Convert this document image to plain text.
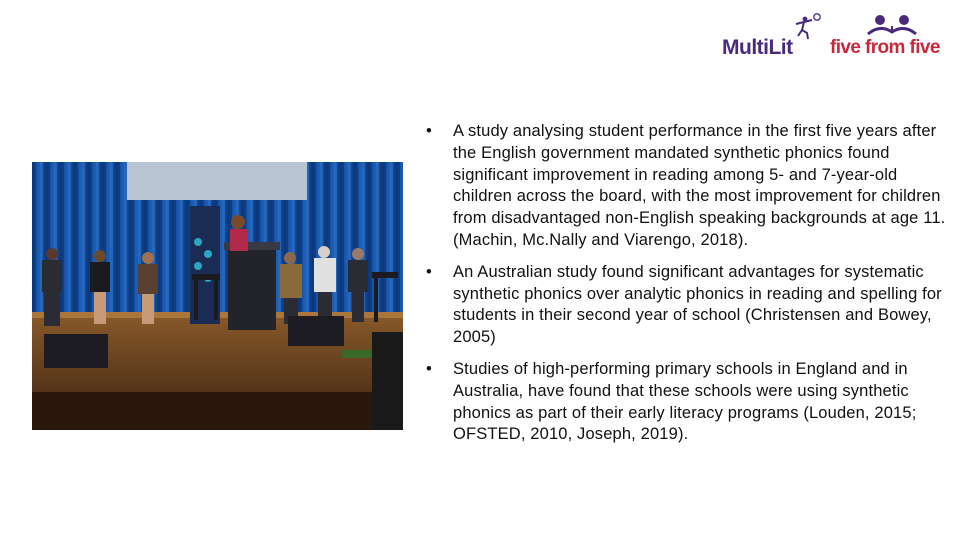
MultiLit five from five
• A study analysing student performance in the first five years after the English government mandated synthetic phonics found significant improvement in reading among 5- and 7-year-old children across the board, with the most improvement for children from disadvantaged non-English speaking backgrounds at age 11. (Machin, Mc.Nally and Viarengo, 2018).
• An Australian study found significant advantages for systematic synthetic phonics over analytic phonics in reading and spelling for students in their second year of school (Christensen and Bowey, 2005)
• Studies of high-performing primary schools in England and in Australia, have found that these schools were using synthetic phonics as part of their early literacy programs (Louden, 2015; OFSTED, 2010, Joseph, 2019).
